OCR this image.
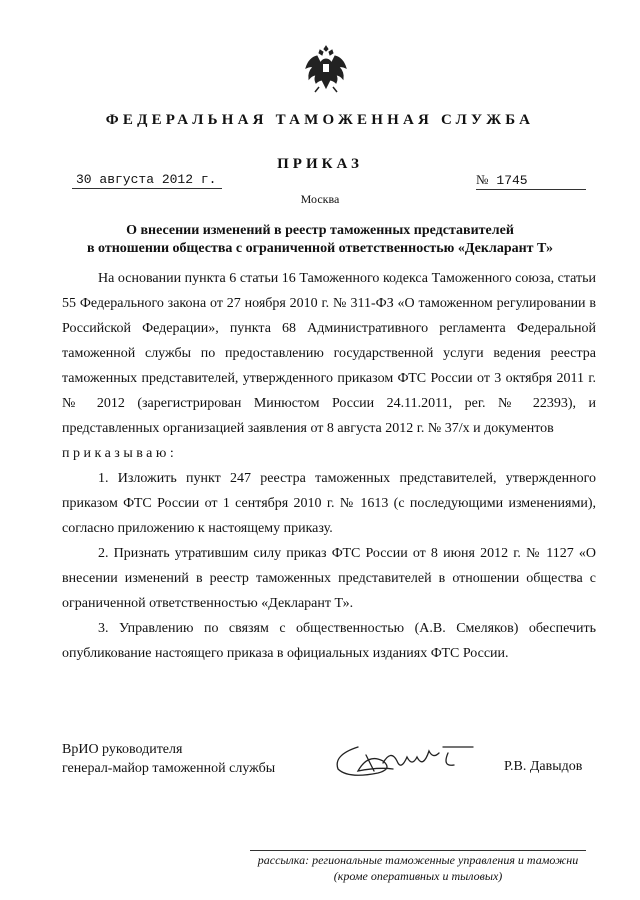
ФЕДЕРАЛЬНАЯ ТАМОЖЕННАЯ СЛУЖБА
ПРИКАЗ
30 августа 2012 г.	№ 1745
Москва
О внесении изменений в реестр таможенных представителей
в отношении общества с ограниченной ответственностью «Декларант Т»

На основании пункта 6 статьи 16 Таможенного кодекса Таможенного союза, статьи 55 Федерального закона от 27 ноября 2010 г. № 311-ФЗ «О таможенном регулировании в Российской Федерации», пункта 68 Административного регламента Федеральной таможенной службы по предоставлению государственной услуги ведения реестра таможенных представителей, утвержденного приказом ФТС России от 3 октября 2011 г. № 2012 (зарегистрирован Минюстом России 24.11.2011, рег. № 22393), и представленных организацией заявления от 8 августа 2012 г. № 37/х и документов

приказываю:

1. Изложить пункт 247 реестра таможенных представителей, утвержденного приказом ФТС России от 1 сентября 2010 г. № 1613 (с последующими изменениями), согласно приложению к настоящему приказу.

2. Признать утратившим силу приказ ФТС России от 8 июня 2012 г. № 1127 «О внесении изменений в реестр таможенных представителей в отношении общества с ограниченной ответственностью «Декларант Т».

3. Управлению по связям с общественностью (А.В. Смеляков) обеспечить опубликование настоящего приказа в официальных изданиях ФТС России.

ВрИО руководителя
генерал-майор таможенной службы	Р.В. Давыдов
рассылка: региональные таможенные управления и таможни
(кроме оперативных и тыловых)
